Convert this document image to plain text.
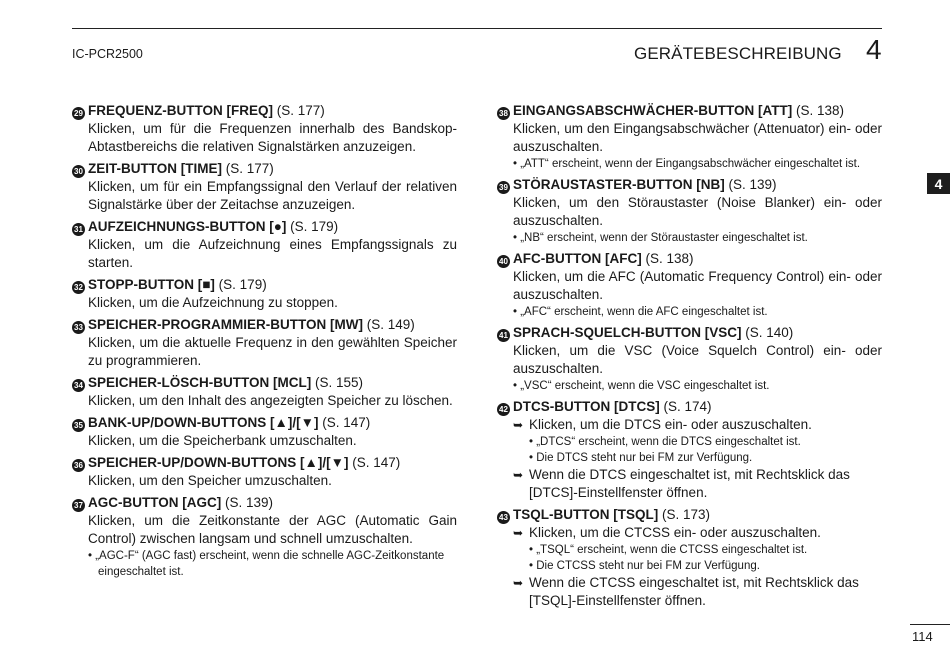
IC-PCR2500	GERÄTEBESCHREIBUNG 4
4
29 FREQUENZ-BUTTON [FREQ] (S. 177)
Klicken, um für die Frequenzen innerhalb des Bandskop-Abtastbereichs die relativen Signalstärken anzuzeigen.
30 ZEIT-BUTTON [TIME] (S. 177)
Klicken, um für ein Empfangssignal den Verlauf der relativen Signalstärke über der Zeitachse anzuzeigen.
31 AUFZEICHNUNGS-BUTTON [●] (S. 179)
Klicken, um die Aufzeichnung eines Empfangssignals zu starten.
32 STOPP-BUTTON [■] (S. 179)
Klicken, um die Aufzeichnung zu stoppen.
33 SPEICHER-PROGRAMMIER-BUTTON [MW] (S. 149)
Klicken, um die aktuelle Frequenz in den gewählten Speicher zu programmieren.
34 SPEICHER-LÖSCH-BUTTON [MCL] (S. 155)
Klicken, um den Inhalt des angezeigten Speicher zu löschen.
35 BANK-UP/DOWN-BUTTONS [▲]/[▼] (S. 147)
Klicken, um die Speicherbank umzuschalten.
36 SPEICHER-UP/DOWN-BUTTONS [▲]/[▼] (S. 147)
Klicken, um den Speicher umzuschalten.
37 AGC-BUTTON [AGC] (S. 139)
Klicken, um die Zeitkonstante der AGC (Automatic Gain Control) zwischen langsam und schnell umzuschalten.
• „AGC-F“ (AGC fast) erscheint, wenn die schnelle AGC-Zeitkonstante eingeschaltet ist.
38 EINGANGSABSCHWÄCHER-BUTTON [ATT] (S. 138)
Klicken, um den Eingangsabschwächer (Attenuator) ein- oder auszuschalten.
• „ATT“ erscheint, wenn der Eingangsabschwächer eingeschaltet ist.
39 STÖRAUSTASTER-BUTTON [NB] (S. 139)
Klicken, um den Störaustaster (Noise Blanker) ein- oder auszuschalten.
• „NB“ erscheint, wenn der Störaustaster eingeschaltet ist.
40 AFC-BUTTON [AFC] (S. 138)
Klicken, um die AFC (Automatic Frequency Control) ein- oder auszuschalten.
• „AFC“ erscheint, wenn die AFC eingeschaltet ist.
41 SPRACH-SQUELCH-BUTTON [VSC] (S. 140)
Klicken, um die VSC (Voice Squelch Control) ein- oder auszuschalten.
• „VSC“ erscheint, wenn die VSC eingeschaltet ist.
42 DTCS-BUTTON [DTCS] (S. 174)
➥ Klicken, um die DTCS ein- oder auszuschalten.
• „DTCS“ erscheint, wenn die DTCS eingeschaltet ist.
• Die DTCS steht nur bei FM zur Verfügung.
➥ Wenn die DTCS eingeschaltet ist, mit Rechtsklick das [DTCS]-Einstellfenster öffnen.
43 TSQL-BUTTON [TSQL] (S. 173)
➥ Klicken, um die CTCSS ein- oder auszuschalten.
• „TSQL“ erscheint, wenn die CTCSS eingeschaltet ist.
• Die CTCSS steht nur bei FM zur Verfügung.
➥ Wenn die CTCSS eingeschaltet ist, mit Rechtsklick das [TSQL]-Einstellfenster öffnen.
114
